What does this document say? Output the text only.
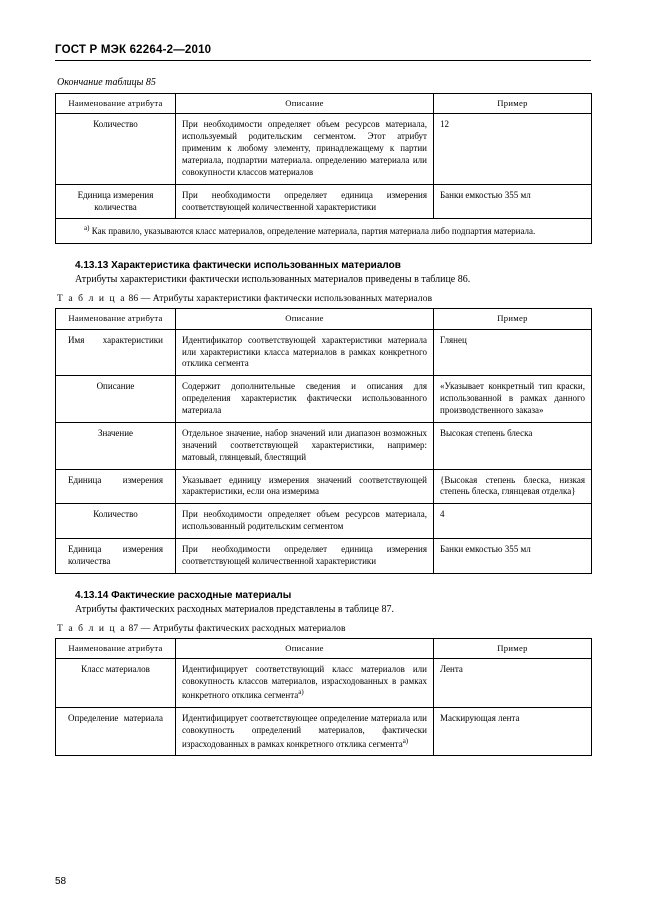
ГОСТ Р МЭК 62264-2—2010
Окончание таблицы 85
Наименование атрибута	Описание	Пример
Количество	При необходимости определяет объем ресурсов материала, используемый родительским сегментом. Этот атрибут применим к любому элементу, принадлежащему к партии материала, подпартии материала. определению материала или совокупности классов материалов	12
Единица измерения количества	При необходимости определяет единица измерения соответствующей количественной характеристики	Банки емкостью 355 мл
$^{а)}$ Как правило, указываются класс материалов, определение материала, партия материала либо подпартия материала.		
4.13.13 Характеристика фактически использованных материалов

Атрибуты характеристики фактически использованных материалов приведены в таблице 86.

Т а б л и ц а 86 — Атрибуты характеристики фактически использованных материалов
Наименование атрибута	Описание	Пример

Имя характеристики	Идентификатор соответствующей характеристики материала или характеристики класса материалов в рамках конкретного отклика сегмента	Глянец
Описание	Содержит дополнительные сведения и описания для определения характеристик фактически использованного материала	«Указывает конкретный тип краски, использованной в рамках данного производственного заказа»
Значение	Отдельное значение, набор значений или диапазон возможных значений соответствующей характеристики, например: матовый, глянцевый, блестящий	Высокая степень блеска

Единица измерения	Указывает единицу измерения значений соответствующей характеристики, если она измерима	{Высокая степень блеска, низкая степень блеска, глянцевая отделка}
Количество	При необходимости определяет объем ресурсов материала, использованный родительским сегментом	4

Единица измерения количества	При необходимости определяет единица измерения соответствующей количественной характеристики	Банки емкостью 355 мл
4.13.14 Фактические расходные материалы

Атрибуты фактических расходных материалов представлены в таблице 87.

Т а б л и ц а 87 — Атрибуты фактических расходных материалов
Наименование атрибута	Описание	Пример
Класс материалов	Идентифицирует соответствующий класс материалов или совокупность классов материалов, израсходованных в рамках конкретного отклика сегмента$^{а)}$	Лента

Определение материала	Идентифицирует соответствующее определение материала или совокупность определений материалов, фактически израсходованных в рамках конкретного отклика сегмента$^{а)}$	Маскирующая лента
58
